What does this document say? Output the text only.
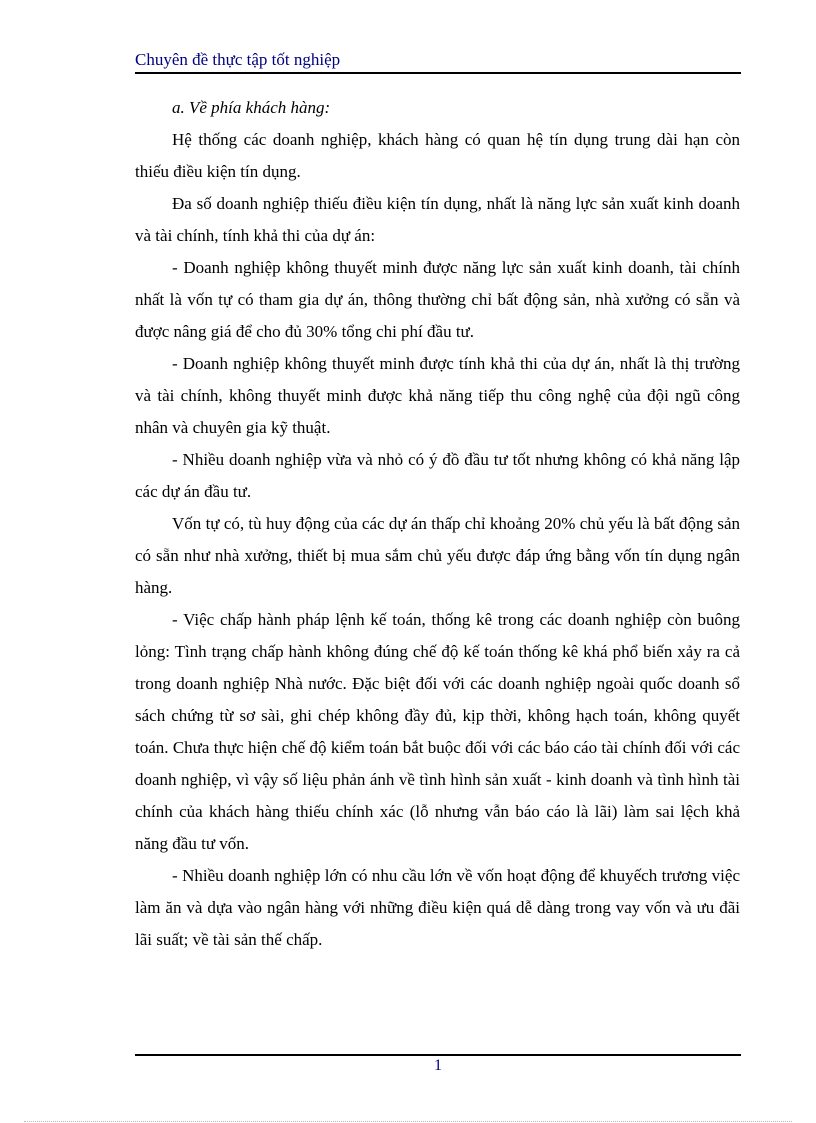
Chuyên đề thực tập tốt nghiệp

a. Về phía khách hàng:

Hệ thống các doanh nghiệp, khách hàng có quan hệ tín dụng trung dài hạn còn thiếu điều kiện tín dụng.

Đa số doanh nghiệp thiếu điều kiện tín dụng, nhất là năng lực sản xuất kinh doanh và tài chính, tính khả thi của dự án:

- Doanh nghiệp không thuyết minh được năng lực sản xuất kinh doanh, tài chính nhất là vốn tự có tham gia dự án, thông thường chỉ bất động sản, nhà xưởng có sẵn và được nâng giá để cho đủ 30% tổng chi phí đầu tư.

- Doanh nghiệp không thuyết minh được tính khả thi của dự án, nhất là thị trường và tài chính, không thuyết minh được khả năng tiếp thu công nghệ của đội ngũ công nhân và chuyên gia kỹ thuật.

- Nhiều doanh nghiệp vừa và nhỏ có ý đồ đầu tư tốt nhưng không có khả năng lập các dự án đầu tư.

Vốn tự có, tù huy động của các dự án thấp chỉ khoảng 20% chủ yếu là bất động sản có sẵn như nhà xưởng, thiết bị mua sắm chủ yếu được đáp ứng bằng vốn tín dụng ngân hàng.

- Việc chấp hành pháp lệnh kế toán, thống kê trong các doanh nghiệp còn buông lỏng: Tình trạng chấp hành không đúng chế độ kế toán thống kê khá phổ biến xảy ra cả trong doanh nghiệp Nhà nước. Đặc biệt đối với các doanh nghiệp ngoài quốc doanh sổ sách chứng từ sơ sài, ghi chép không đầy đủ, kịp thời, không hạch toán, không quyết toán. Chưa thực hiện chế độ kiểm toán bắt buộc đối với các báo cáo tài chính đối với các doanh nghiệp, vì vậy số liệu phản ánh về tình hình sản xuất - kinh doanh và tình hình tài chính của khách hàng thiếu chính xác (lỗ nhưng vẫn báo cáo là lãi) làm sai lệch khả năng đầu tư vốn.

- Nhiều doanh nghiệp lớn có nhu cầu lớn về vốn hoạt động để khuyếch trương việc làm ăn và dựa vào ngân hàng với những điều kiện quá dễ dàng trong vay vốn và ưu đãi lãi suất; về tài sản thế chấp.

1
